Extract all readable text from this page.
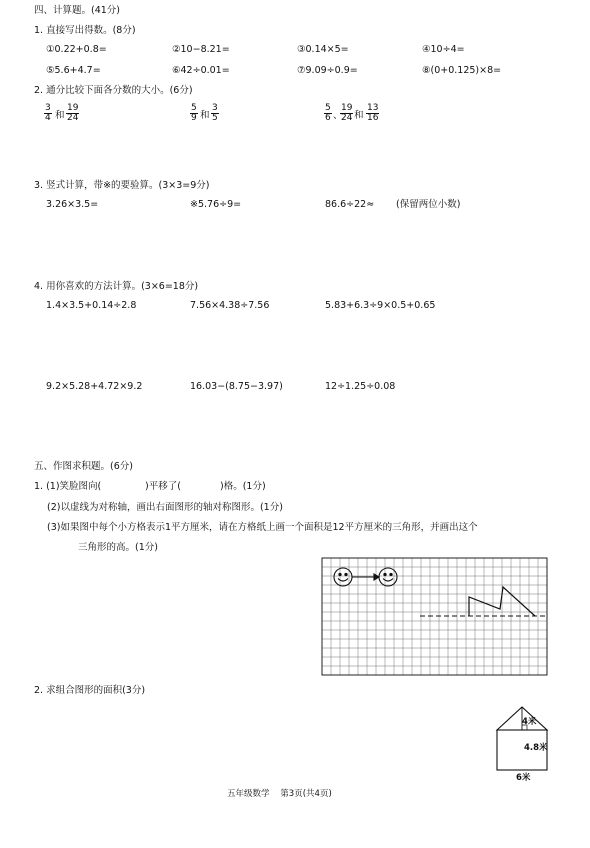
四、计算题。(41分)
1. 直接写出得数。(8分)
①0.22+0.8=	②10−8.21=	③0.14×5=	④10÷4=
⑤5.6+4.7=	⑥42÷0.01=	⑦9.09÷0.9=	⑧(0+0.125)×8=
2. 通分比较下面各分数的大小。(6分)
$\frac{3}{4}$ 和 $\frac{19}{24}$	$\frac{5}{9}$ 和 $\frac{3}{5}$	$\frac{5}{6}$ 、
$\frac{19}{24}$ 和 $\frac{13}{16}$
3. 竖式计算，带※的要验算。(3×3=9分)
3.26×3.5=	※5.76÷9=	86.6÷22≈ (保留两位小数)
4. 用你喜欢的方法计算。(3×6=18分)
1.4×3.5+0.14÷2.8	7.56×4.38÷7.56	5.83+6.3÷9×0.5+0.65
9.2×5.28+4.72×9.2	16.03−(8.75−3.97)	12÷1.25÷0.08
五、作图求积题。(6分)
1. (1)笑脸图向(	)平移了(	)格。(1分)
(2)以虚线为对称轴，画出右面图形的轴对称图形。(1分)
(3)如果图中每个小方格表示1平方厘米，请在方格纸上画一个面积是12平方厘米的三角形，并画出这个
三角形的高。(1分)
2. 求组合图形的面积(3分)
4米
4.8米
6米
五年级数学    第3页(共4页)
